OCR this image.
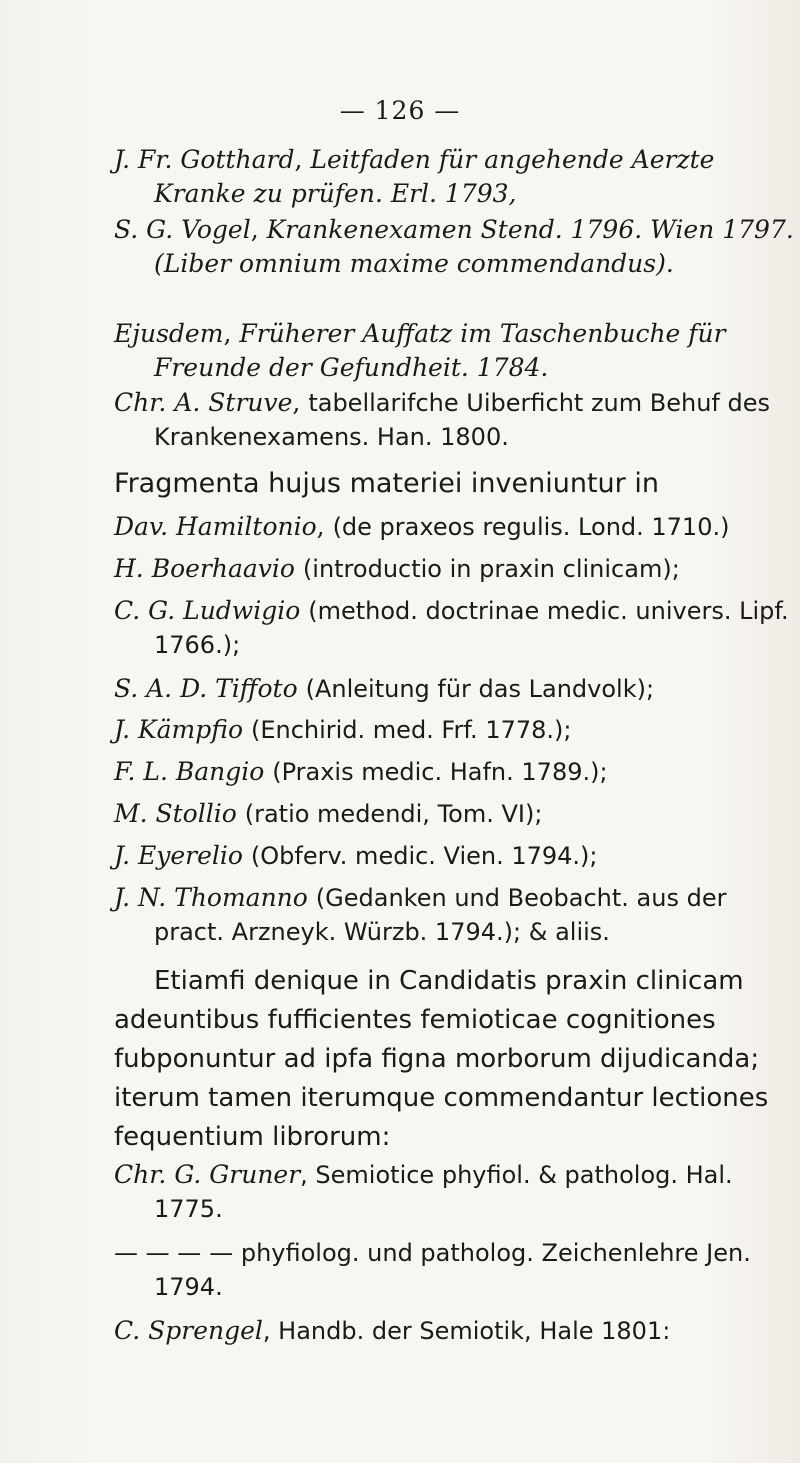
— 126 —
J. Fr. Gotthard, Leitfaden für angehende Aerzte Kranke zu prüfen. Erl. 1793,
S. G. Vogel, Krankenexamen Stend. 1796. Wien 1797. (Liber omnium maxime commendandus).
Ejusdem, Früherer Auffatz im Taschenbuche für Freunde der Gefundheit. 1784.
Chr. A. Struve, tabellarifche Uiberficht zum Behuf des Krankenexamens. Han. 1800.
Fragmenta hujus materiei inveniuntur in
Dav. Hamiltonio, (de praxeos regulis. Lond. 1710.)
H. Boerhaavio (introductio in praxin clinicam);
C. G. Ludwigio (method. doctrinae medic. univers. Lipf. 1766.);
S. A. D. Tiffoto (Anleitung für das Landvolk);
J. Kämpfio (Enchirid. med. Frf. 1778.);
F. L. Bangio (Praxis medic. Hafn. 1789.);
M. Stollio (ratio medendi, Tom. VI);
J. Eyerelio (Obferv. medic. Vien. 1794.);
J. N. Thomanno (Gedanken und Beobacht. aus der pract. Arzneyk. Würzb. 1794.); & aliis.
Etiamfi denique in Candidatis praxin clinicam adeuntibus fufficientes femioticae cognitiones fubponuntur ad ipfa figna morborum dijudicanda; iterum tamen iterumque commendantur lectiones fequentium librorum:
Chr. G. Gruner, Semiotice phyfiol. & patholog. Hal. 1775.
— — — — phyfiolog. und patholog. Zeichenlehre Jen. 1794.
C. Sprengel, Handb. der Semiotik, Hale 1801:
